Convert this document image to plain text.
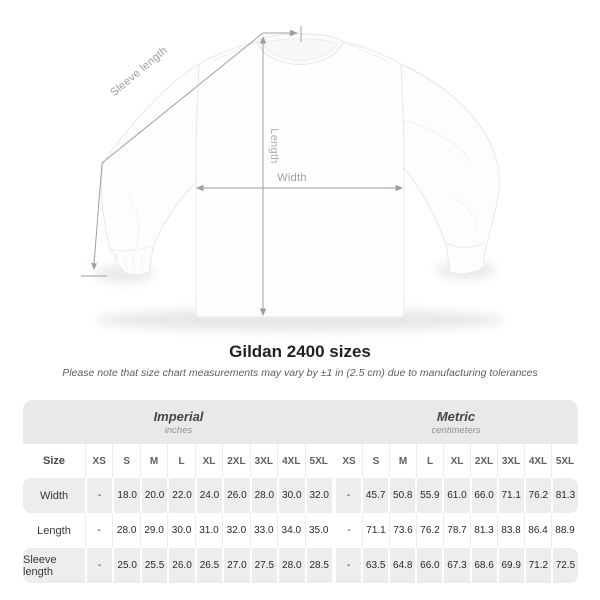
Sleeve length
Length
Width
Gildan 2400 sizes
Please note that size chart measurements may vary by ±1 in (2.5 cm) due to manufacturing tolerances
Imperial
inches
Metric
centimeters
Size	XS	S	M	L	XL	2XL 3XL 4XL 5XL	XS	S	M	L	XL	2XL 3XL 4XL 5XL
Width	-	18.0 20.0 22.0 24.0 26.0 28.0 30.0 32.0	-	45.7 50.8 55.9 61.0 66.0 71.1 76.2 81.3
Length	-	28.0 29.0 30.0 31.0 32.0 33.0 34.0 35.0	-	71.1 73.6 76.2 78.7 81.3 83.8 86.4 88.9
Sleeve length	-	25.0 25.5 26.0 26.5 27.0 27.5 28.0 28.5	-	63.5 64.8 66.0 67.3 68.6 69.9 71.2 72.5
